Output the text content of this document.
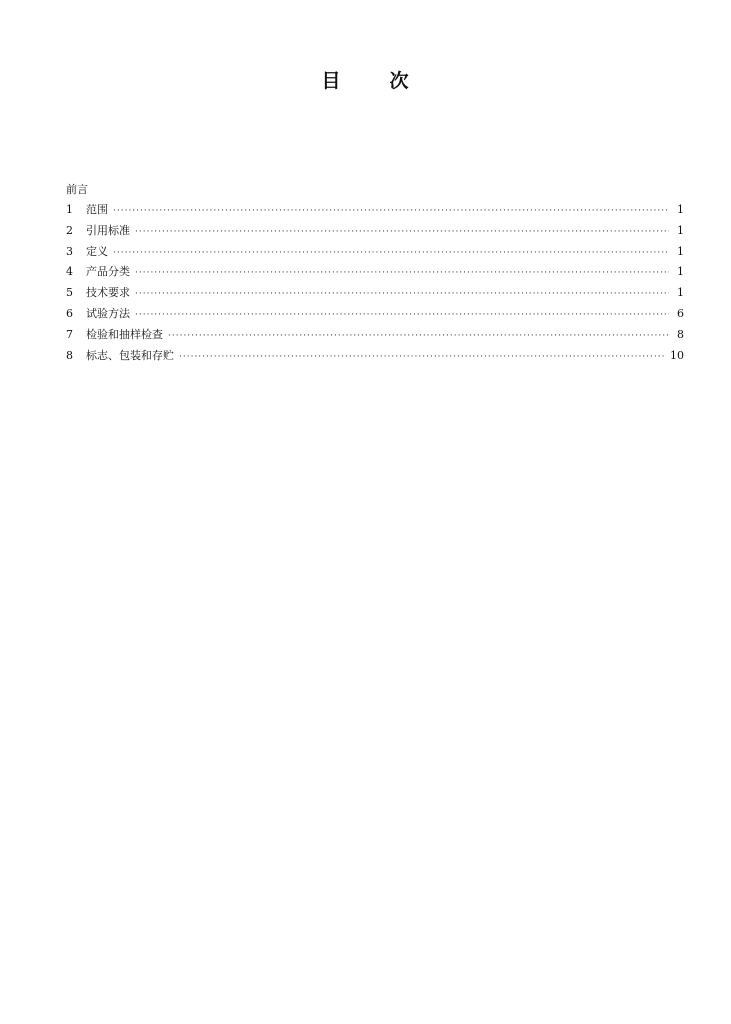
目	次
前言
1	范围 ·····	1
2	引用标准 ·····	1
3	定义 ·····	1
4	产品分类 ·····	1
5	技术要求 ·····	1
6	试验方法 ·····	6
7	检验和抽样检查 ·····	8
8	标志、包装和存贮 ·····	10
